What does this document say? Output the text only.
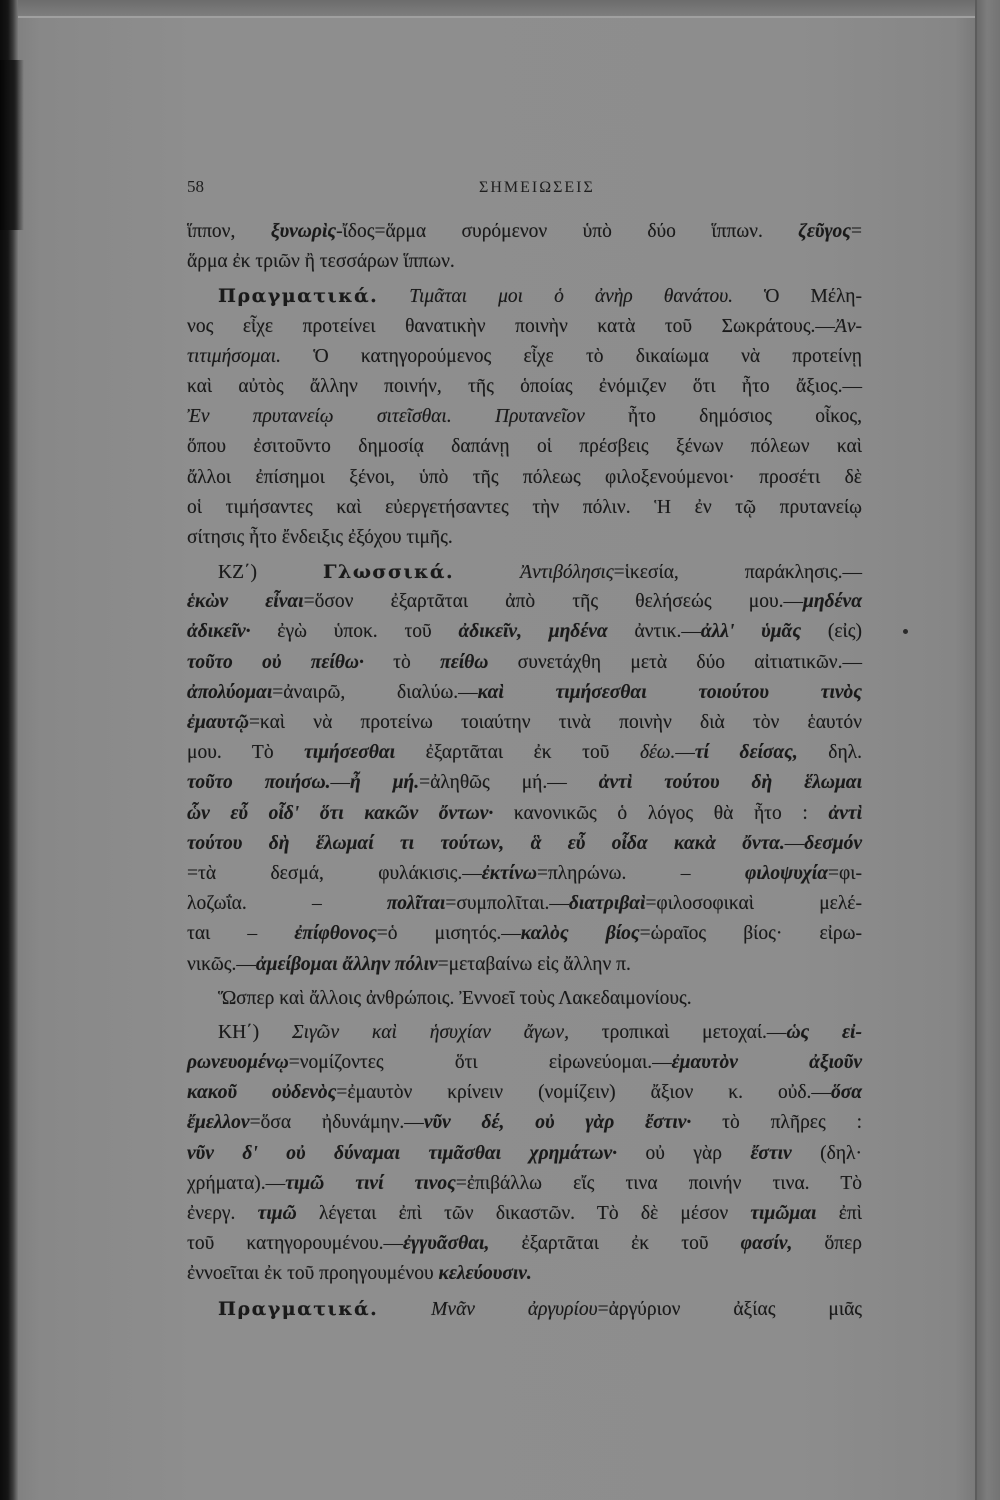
58	ΣΗΜΕΙΩΣΕΙΣ
ἵππον, ξυνωρὶς-ἴδος=ἅρμα συρόμενον ὑπὸ δύο ἵππων. ζεῦγος=
ἅρμα ἐκ τριῶν ἢ τεσσάρων ἵππων.
Πραγματικά. Τιμᾶται μοι ὁ ἀνὴρ θανάτου. Ὁ Μέλη-
νος εἶχε προτείνει θανατικὴν ποινὴν κατὰ τοῦ Σωκράτους.—Ἀν-
τιτιμήσομαι. Ὁ κατηγορούμενος εἶχε τὸ δικαίωμα νὰ προτείνῃ
καὶ αὐτὸς ἄλλην ποινήν, τῆς ὁποίας ἐνόμιζεν ὅτι ἦτο ἄξιος.—
Ἐν πρυτανείῳ σιτεῖσθαι. Πρυτανεῖον ἦτο δημόσιος οἶκος,
ὅπου ἐσιτοῦντο δημοσίᾳ δαπάνῃ οἱ πρέσβεις ξένων πόλεων καὶ
ἄλλοι ἐπίσημοι ξένοι, ὑπὸ τῆς πόλεως φιλοξενούμενοι· προσέτι δὲ
οἱ τιμήσαντες καὶ εὐεργετήσαντες τὴν πόλιν. Ἡ ἐν τῷ πρυτανείῳ
σίτησις ἦτο ἔνδειξις ἐξόχου τιμῆς.
ΚΖ΄) Γλωσσικά. Ἀντιβόλησις=ἱκεσία, παράκλησις.—
ἑκὼν εἶναι=ὅσον ἐξαρτᾶται ἀπὸ τῆς θελήσεώς μου.—μηδένα
ἀδικεῖν· ἐγὼ ὑποκ. τοῦ ἀδικεῖν, μηδένα ἀντικ.—ἀλλ' ὑμᾶς (εἰς)
τοῦτο οὐ πείθω· τὸ πείθω συνετάχθη μετὰ δύο αἰτιατικῶν.—
ἀπολύομαι=ἀναιρῶ, διαλύω.—καὶ τιμήσεσθαι τοιούτου τινὸς
ἐμαυτῷ=καὶ νὰ προτείνω τοιαύτην τινὰ ποινὴν διὰ τὸν ἑαυτόν
μου. Τὸ τιμήσεσθαι ἐξαρτᾶται ἐκ τοῦ δέω.—τί δείσας, δηλ.
τοῦτο ποιήσω.—ἦ μή.=ἀληθῶς μή.— ἀντὶ τούτου δὴ ἕλωμαι
ὧν εὖ οἶδ' ὅτι κακῶν ὄντων· κανονικῶς ὁ λόγος θὰ ἦτο : ἀντὶ
τούτου δὴ ἕλωμαί τι τούτων, ἃ εὖ οἶδα κακὰ ὄντα.—δεσμόν
=τὰ δεσμά, φυλάκισις.—ἐκτίνω=πληρώνω. – φιλοψυχία=φι-
λοζωΐα. – πολῖται=συμπολῖται.—διατριβαὶ=φιλοσοφικαὶ μελέ-
ται – ἐπίφθονος=ὁ μισητός.—καλὸς βίος=ὡραῖος βίος· εἰρω-
νικῶς.—ἀμείβομαι ἄλλην πόλιν=μεταβαίνω εἰς ἄλλην π.
Ὥσπερ καὶ ἄλλοις ἀνθρώποις. Ἐννοεῖ τοὺς Λακεδαιμονίους.
ΚΗ΄) Σιγῶν καὶ ἡσυχίαν ἄγων, τροπικαὶ μετοχαί.—ὡς εἰ-
ρωνευομένῳ=νομίζοντες ὅτι εἰρωνεύομαι.—ἐμαυτὸν ἀξιοῦν
κακοῦ οὐδενὸς=ἐμαυτὸν κρίνειν (νομίζειν) ἄξιον κ. οὐδ.—ὅσα
ἔμελλον=ὅσα ἠδυνάμην.—νῦν δέ, οὐ γὰρ ἔστιν· τὸ πλῆρες :
νῦν δ' οὐ δύναμαι τιμᾶσθαι χρημάτων· οὐ γὰρ ἔστιν (δηλ·
χρήματα).—τιμῶ τινί τινος=ἐπιβάλλω εἴς τινα ποινήν τινα. Τὸ
ἐνεργ. τιμῶ λέγεται ἐπὶ τῶν δικαστῶν. Τὸ δὲ μέσον τιμῶμαι ἐπὶ
τοῦ κατηγορουμένου.—ἐγγυᾶσθαι, ἐξαρτᾶται ἐκ τοῦ φασίν, ὅπερ
ἐννοεῖται ἐκ τοῦ προηγουμένου κελεύουσιν.
Πραγματικά. Μνᾶν ἀργυρίου=ἀργύριον ἀξίας μιᾶς
